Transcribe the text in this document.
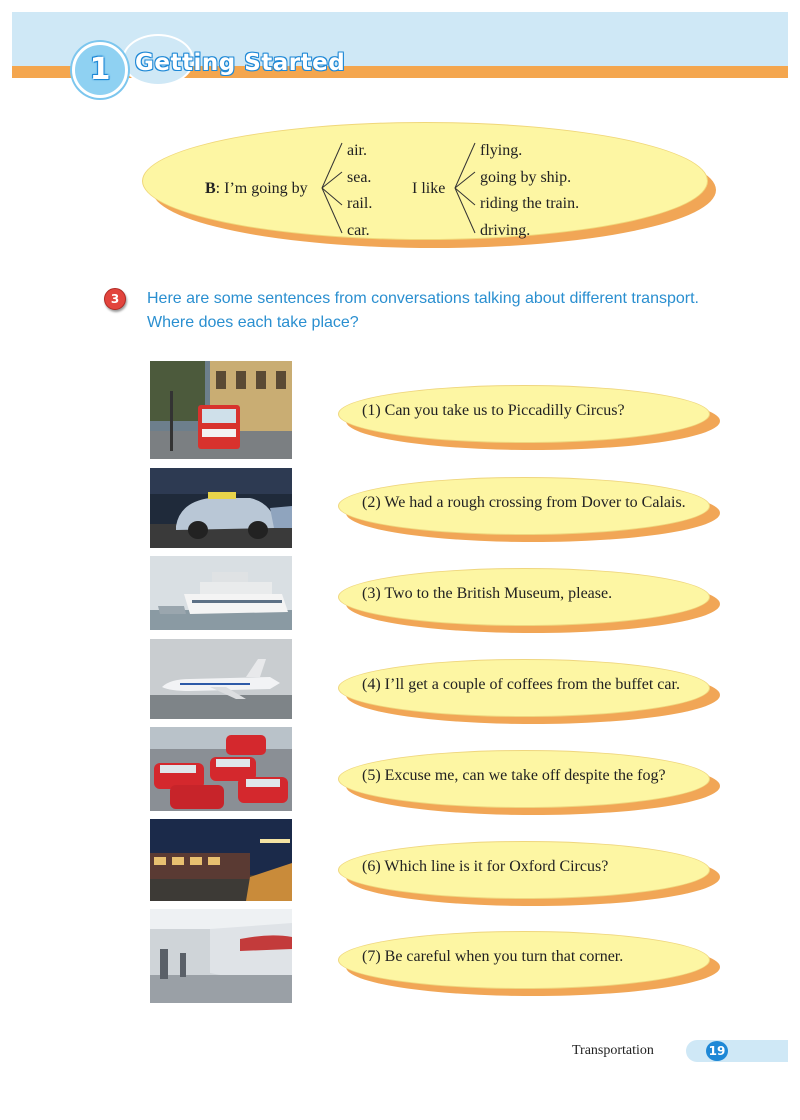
1	Getting Started
B: I’m going by
air.
sea.
rail.
car.
I like
flying.
going by ship.
riding the train.
driving.
3	Here are some sentences from conversations talking about different transport.
Where does each take place?
(1) Can you take us to Piccadilly Circus?
(2) We had a rough crossing from Dover to Calais.
(3) Two to the British Museum, please.
(4) I’ll get a couple of coffees from the buffet car.
(5) Excuse me, can we take off despite the fog?
(6) Which line is it for Oxford Circus?
(7) Be careful when you turn that corner.
Transportation	19
